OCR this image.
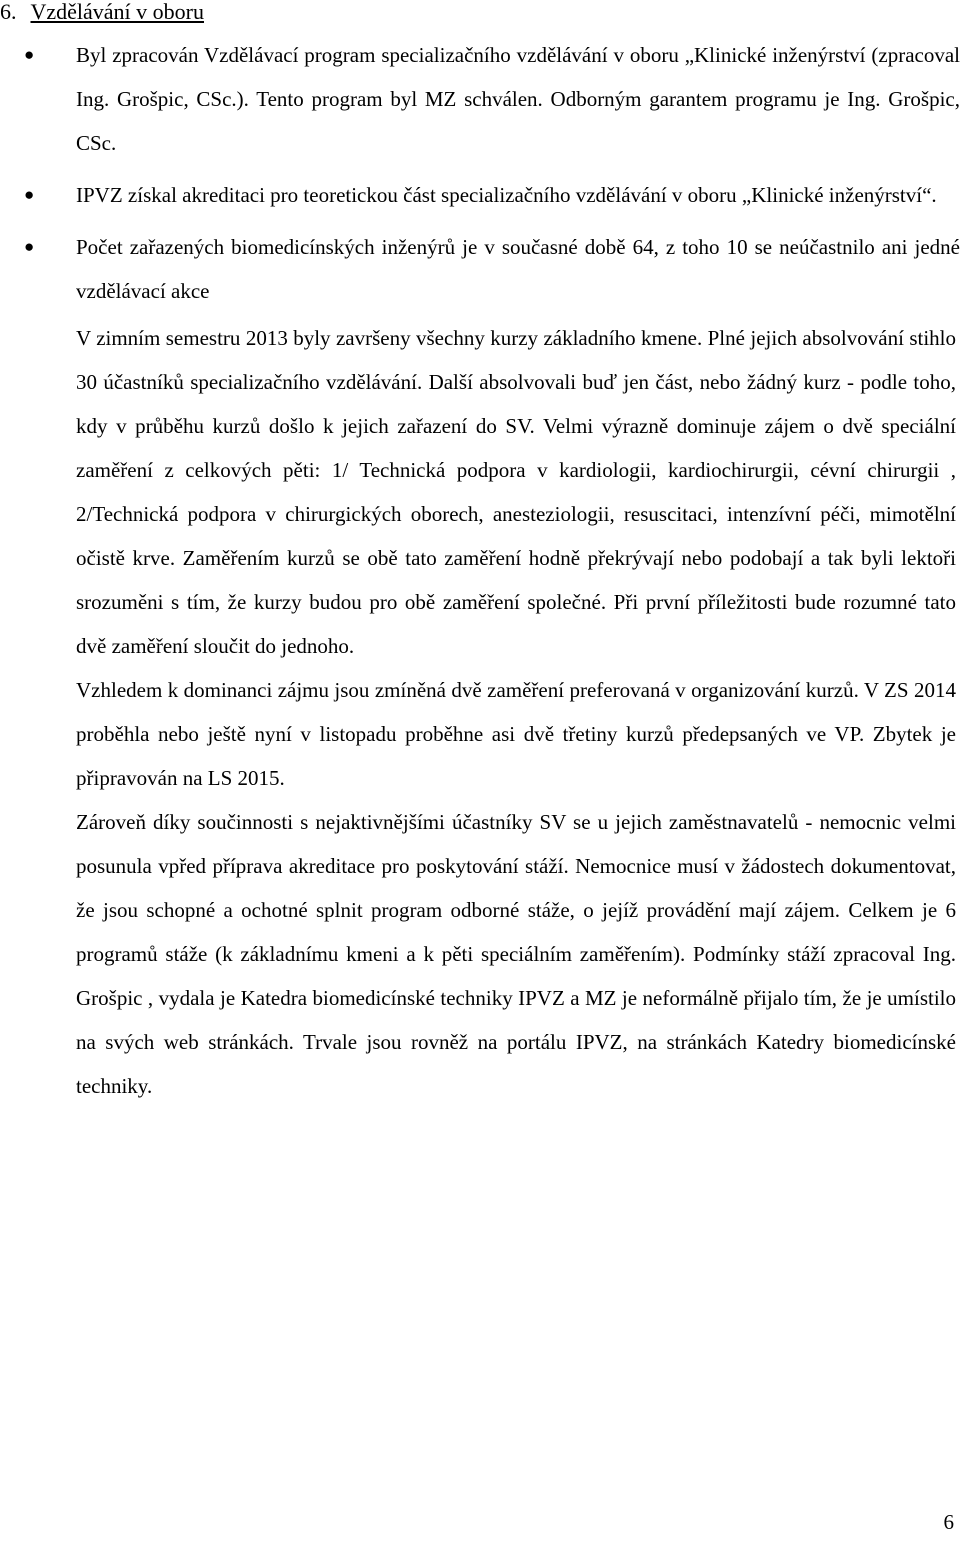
6. Vzdělávání v oboru
● Byl zpracován Vzdělávací program specializačního vzdělávání v oboru „Klinické inženýrství (zpracoval Ing. Grošpic, CSc.). Tento program byl MZ schválen. Odborným garantem programu je Ing. Grošpic, CSc.
● IPVZ získal akreditaci pro teoretickou část specializačního vzdělávání v oboru „Klinické inženýrství“.
● Počet zařazených biomedicínských inženýrů je v současné době 64, z toho 10 se neúčastnilo ani jedné vzdělávací akce

V zimním semestru 2013 byly završeny všechny kurzy základního kmene. Plné jejich absolvování stihlo 30 účastníků specializačního vzdělávání. Další absolvovali buď jen část, nebo žádný kurz - podle toho, kdy v průběhu kurzů došlo k jejich zařazení do SV. Velmi výrazně dominuje zájem o dvě speciální zaměření z celkových pěti: 1/ Technická podpora v kardiologii, kardiochirurgii, cévní chirurgii , 2/Technická podpora v chirurgických oborech, anesteziologii, resuscitaci, intenzívní péči, mimotělní očistě krve. Zaměřením kurzů se obě tato zaměření hodně překrývají nebo podobají a tak byli lektoři srozuměni s tím, že kurzy budou pro obě zaměření společné. Při první příležitosti bude rozumné tato dvě zaměření sloučit do jednoho.

Vzhledem k dominanci zájmu jsou zmíněná dvě zaměření preferovaná v organizování kurzů. V ZS 2014 proběhla nebo ještě nyní v listopadu proběhne asi dvě třetiny kurzů předepsaných ve VP. Zbytek je připravován na LS 2015.

Zároveň díky součinnosti s nejaktivnějšími účastníky SV se u jejich zaměstnavatelů - nemocnic velmi posunula vpřed příprava akreditace pro poskytování stáží. Nemocnice musí v žádostech dokumentovat, že jsou schopné a ochotné splnit program odborné stáže, o jejíž provádění mají zájem. Celkem je 6 programů stáže (k základnímu kmeni a k pěti speciálním zaměřením). Podmínky stáží zpracoval Ing. Grošpic , vydala je Katedra biomedicínské techniky IPVZ a MZ je neformálně přijalo tím, že je umístilo na svých web stránkách. Trvale jsou rovněž na portálu IPVZ, na stránkách Katedry biomedicínské techniky.

6
